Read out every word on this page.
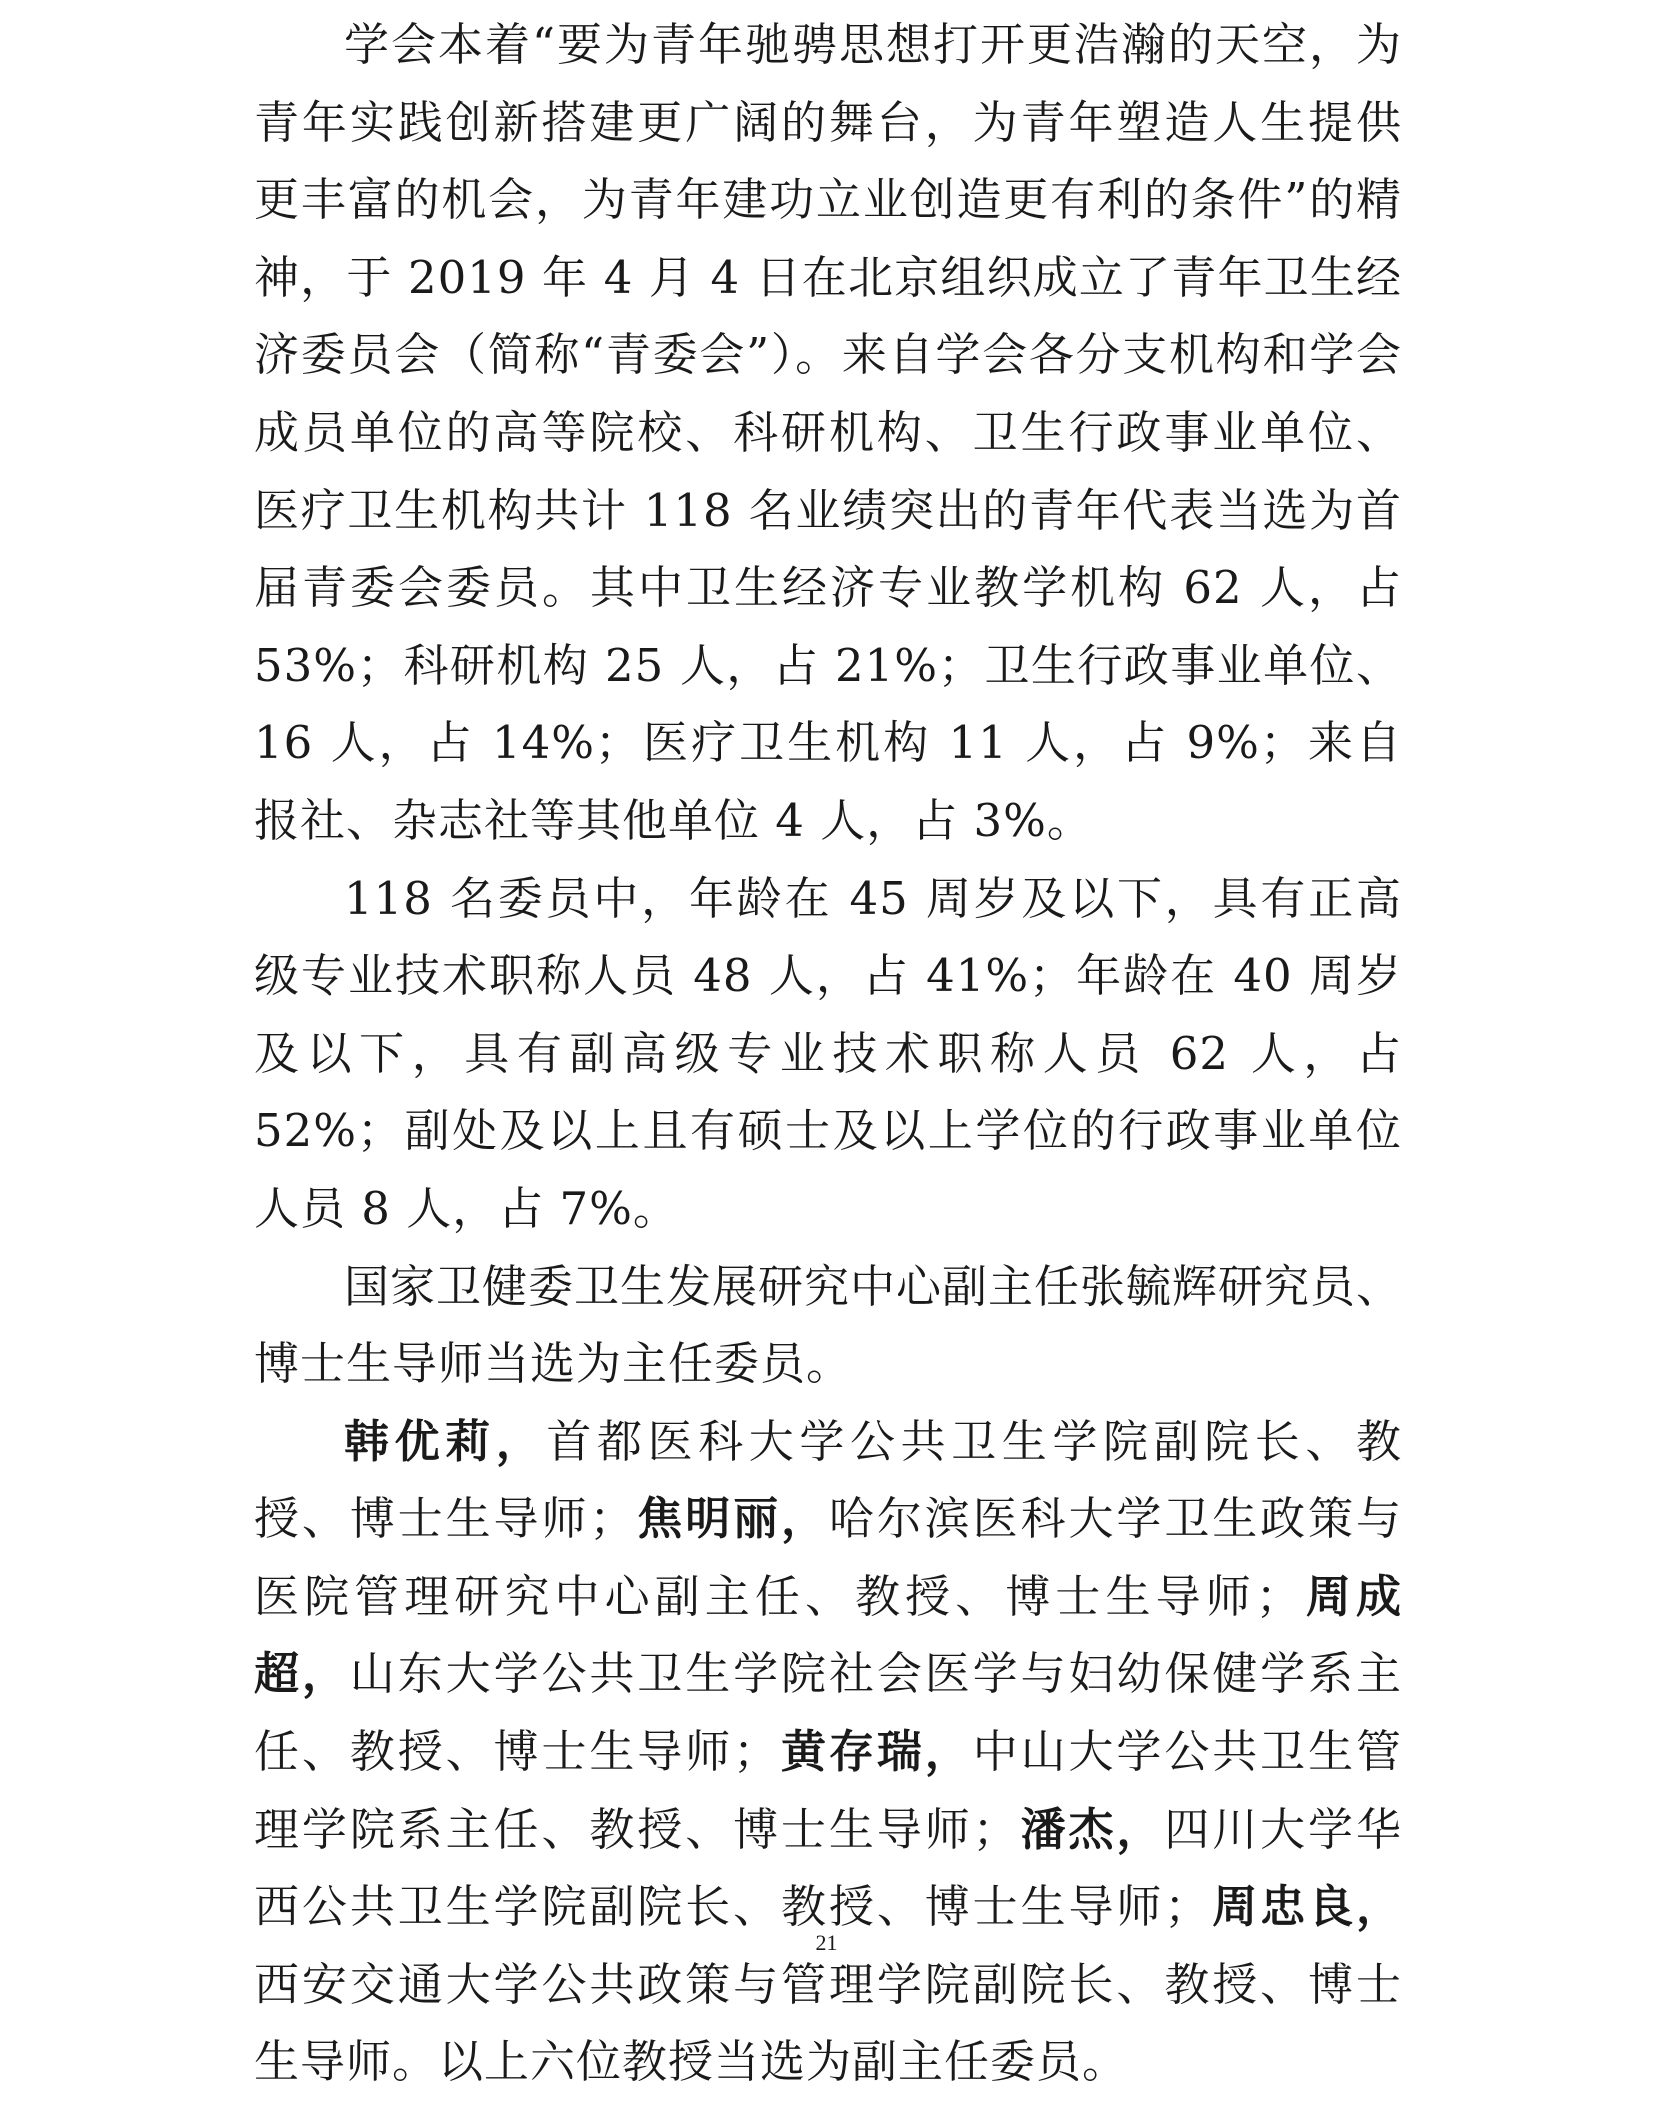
学会本着“要为青年驰骋思想打开更浩瀚的天空，为青年实践创新搭建更广阔的舞台，为青年塑造人生提供更丰富的机会，为青年建功立业创造更有利的条件”的精神，于 2019 年 4 月 4 日在北京组织成立了青年卫生经济委员会（简称“青委会”）。来自学会各分支机构和学会成员单位的高等院校、科研机构、卫生行政事业单位、医疗卫生机构共计 118 名业绩突出的青年代表当选为首届青委会委员。其中卫生经济专业教学机构 62 人，占 53%；科研机构 25 人，占 21%；卫生行政事业单位、16 人，占 14%；医疗卫生机构 11 人，占 9%；来自报社、杂志社等其他单位 4 人，占 3%。

118 名委员中，年龄在 45 周岁及以下，具有正高级专业技术职称人员 48 人，占 41%；年龄在 40 周岁及以下，具有副高级专业技术职称人员 62 人，占 52%；副处及以上且有硕士及以上学位的行政事业单位人员 8 人，占 7%。

国家卫健委卫生发展研究中心副主任张毓辉研究员、博士生导师当选为主任委员。

韩优莉，首都医科大学公共卫生学院副院长、教授、博士生导师；焦明丽，哈尔滨医科大学卫生政策与医院管理研究中心副主任、教授、博士生导师；周成超，山东大学公共卫生学院社会医学与妇幼保健学系主任、教授、博士生导师；黄存瑞，中山大学公共卫生管理学院系主任、教授、博士生导师；潘杰，四川大学华西公共卫生学院副院长、教授、博士生导师；周忠良，西安交通大学公共政策与管理学院副院长、教授、博士生导师。以上六位教授当选为副主任委员。

21
